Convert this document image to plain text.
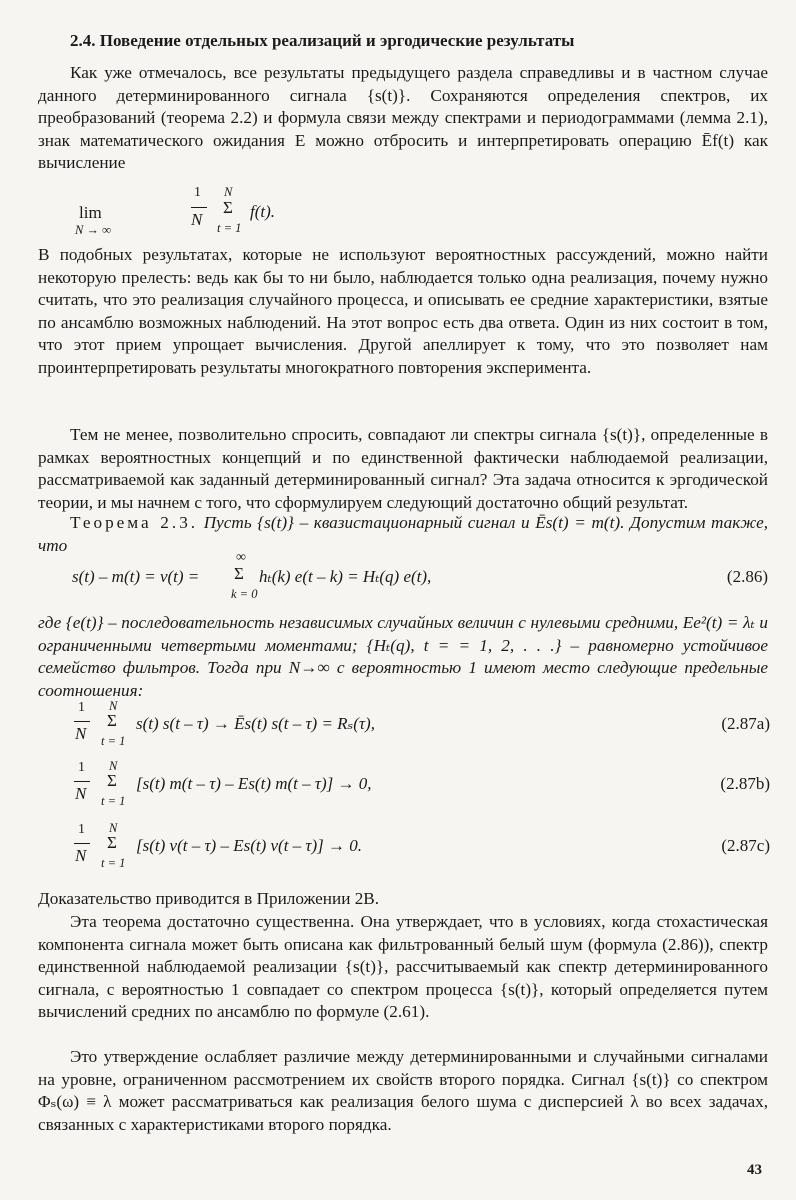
2.4. Поведение отдельных реализаций и эргодические результаты
Как уже отмечалось, все результаты предыдущего раздела справедливы и в частном случае данного детерминированного сигнала {s(t)}. Сохраняются определения спектров, их преобразований (теорема 2.2) и формула связи между спектрами и периодограммами (лемма 2.1), знак математического ожидания E можно отбросить и интерпретировать операцию Ēf(t) как вычисление
lim
N → ∞
1
N
N
Σ
t = 1
f(t).
В подобных результатах, которые не используют вероятностных рассуждений, можно найти некоторую прелесть: ведь как бы то ни было, наблюдается только одна реализация, почему нужно считать, что это реализация случайного процесса, и описывать ее средние характеристики, взятые по ансамблю возможных наблюдений. На этот вопрос есть два ответа. Один из них состоит в том, что этот прием упрощает вычисления. Другой апеллирует к тому, что это позволяет нам проинтерпретировать результаты многократного повторения эксперимента.
Тем не менее, позволительно спросить, совпадают ли спектры сигнала {s(t)}, определенные в рамках вероятностных концепций и по единственной фактически наблюдаемой реализации, рассматриваемой как заданный детерминированный сигнал? Эта задача относится к эргодической теории, и мы начнем с того, что сформулируем следующий достаточно общий результат.
Теорема 2.3. Пусть {s(t)} – квазистационарный сигнал и Ēs(t) = m(t). Допустим также, что
s(t) – m(t) = v(t) =
∞
Σ
k = 0
hₜ(k) e(t – k) = Hₜ(q) e(t),	(2.86)
где {e(t)} – последовательность независимых случайных величин с нулевыми средними, Ee²(t) = λₜ и ограниченными четвертыми моментами; {Hₜ(q), t = = 1, 2, . . .} – равномерно устойчивое семейство фильтров. Тогда при N→∞ с вероятностью 1 имеют место следующие предельные соотношения:
1
N
N
Σ
t = 1
s(t) s(t – τ) → Ēs(t) s(t – τ) = Rₛ(τ),	(2.87a)
1
N
N
Σ
t = 1
[s(t) m(t – τ) – Es(t) m(t – τ)] → 0,	(2.87b)
1
N
N
Σ
t = 1
[s(t) v(t – τ) – Es(t) v(t – τ)] → 0.	(2.87c)
Доказательство приводится в Приложении 2В.
Эта теорема достаточно существенна. Она утверждает, что в условиях, когда стохастическая компонента сигнала может быть описана как фильтрованный белый шум (формула (2.86)), спектр единственной наблюдаемой реализации {s(t)}, рассчитываемый как спектр детерминированного сигнала, с вероятностью 1 совпадает со спектром процесса {s(t)}, который определяется путем вычислений средних по ансамблю по формуле (2.61).
Это утверждение ослабляет различие между детерминированными и случайными сигналами на уровне, ограниченном рассмотрением их свойств второго порядка. Сигнал {s(t)} со спектром Φₛ(ω) ≡ λ может рассматриваться как реализация белого шума с дисперсией λ во всех задачах, связанных с характеристиками второго порядка.
43
